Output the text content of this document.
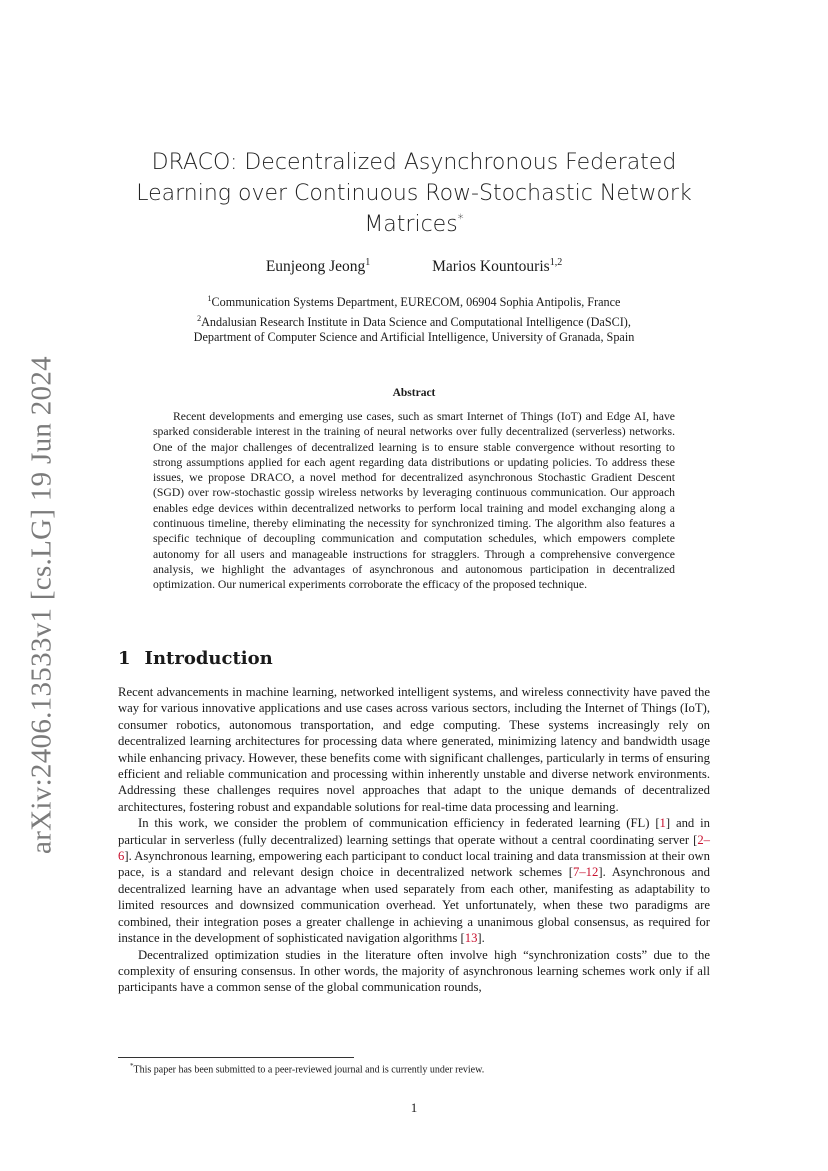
arXiv:2406.13533v1 [cs.LG] 19 Jun 2024
DRACO: Decentralized Asynchronous Federated Learning over Continuous Row-Stochastic Network Matrices*
Eunjeong Jeong$^1$	Marios Kountouris$^{1,2}$
$^1$Communication Systems Department, EURECOM, 06904 Sophia Antipolis, France
$^2$Andalusian Research Institute in Data Science and Computational Intelligence (DaSCI),
Department of Computer Science and Artificial Intelligence, University of Granada, Spain
Abstract
Recent developments and emerging use cases, such as smart Internet of Things (IoT) and Edge AI, have sparked considerable interest in the training of neural networks over fully decentralized (serverless) networks. One of the major challenges of decentralized learning is to ensure stable convergence without resorting to strong assumptions applied for each agent regarding data distributions or updating policies. To address these issues, we propose DRACO, a novel method for decentralized asynchronous Stochastic Gradient Descent (SGD) over row-stochastic gossip wireless networks by leveraging continuous communication. Our approach enables edge devices within decentralized networks to perform local training and model exchanging along a continuous timeline, thereby eliminating the necessity for synchronized timing. The algorithm also features a specific technique of decoupling communication and computation schedules, which empowers complete autonomy for all users and manageable instructions for stragglers. Through a comprehensive convergence analysis, we highlight the advantages of asynchronous and autonomous participation in decentralized optimization. Our numerical experiments corroborate the efficacy of the proposed technique.
1 Introduction

Recent advancements in machine learning, networked intelligent systems, and wireless connectivity have paved the way for various innovative applications and use cases across various sectors, including the Internet of Things (IoT), consumer robotics, autonomous transportation, and edge computing. These systems increasingly rely on decentralized learning architectures for processing data where generated, minimizing latency and bandwidth usage while enhancing privacy. However, these benefits come with significant challenges, particularly in terms of ensuring efficient and reliable communication and processing within inherently unstable and diverse network environments. Addressing these challenges requires novel approaches that adapt to the unique demands of decentralized architectures, fostering robust and expandable solutions for real-time data processing and learning.

In this work, we consider the problem of communication efficiency in federated learning (FL) [1] and in particular in serverless (fully decentralized) learning settings that operate without a central coordinating server [2–6]. Asynchronous learning, empowering each participant to conduct local training and data transmission at their own pace, is a standard and relevant design choice in decentralized network schemes [7–12]. Asynchronous and decentralized learning have an advantage when used separately from each other, manifesting as adaptability to limited resources and downsized communication overhead. Yet unfortunately, when these two paradigms are combined, their integration poses a greater challenge in achieving a unanimous global consensus, as required for instance in the development of sophisticated navigation algorithms [13].

Decentralized optimization studies in the literature often involve high “synchronization costs” due to the complexity of ensuring consensus. In other words, the majority of asynchronous learning schemes work only if all participants have a common sense of the global communication rounds,

*This paper has been submitted to a peer-reviewed journal and is currently under review.
1
